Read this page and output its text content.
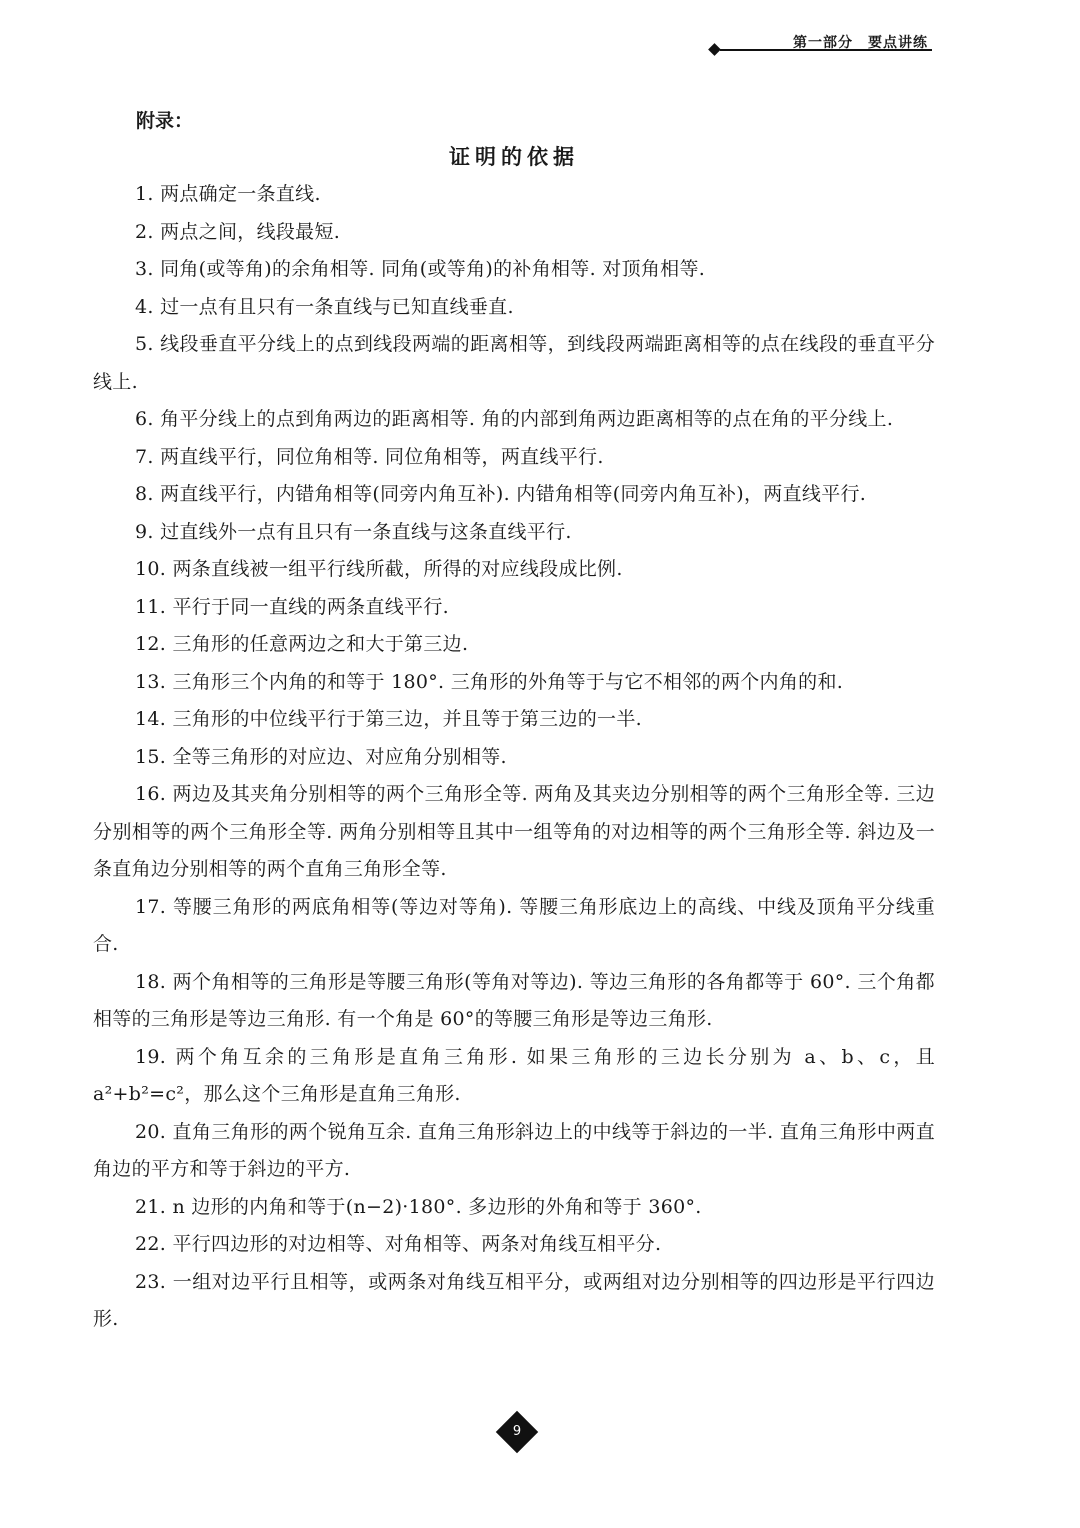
第一部分　要点讲练
附录：
证明的依据

1. 两点确定一条直线.

2. 两点之间，线段最短.

3. 同角(或等角)的余角相等. 同角(或等角)的补角相等. 对顶角相等.

4. 过一点有且只有一条直线与已知直线垂直.

5. 线段垂直平分线上的点到线段两端的距离相等，到线段两端距离相等的点在线段的垂直平分线上.

6. 角平分线上的点到角两边的距离相等. 角的内部到角两边距离相等的点在角的平分线上.

7. 两直线平行，同位角相等. 同位角相等，两直线平行.

8. 两直线平行，内错角相等(同旁内角互补). 内错角相等(同旁内角互补)，两直线平行.

9. 过直线外一点有且只有一条直线与这条直线平行.

10. 两条直线被一组平行线所截，所得的对应线段成比例.

11. 平行于同一直线的两条直线平行.

12. 三角形的任意两边之和大于第三边.

13. 三角形三个内角的和等于 180°. 三角形的外角等于与它不相邻的两个内角的和.

14. 三角形的中位线平行于第三边，并且等于第三边的一半.

15. 全等三角形的对应边、对应角分别相等.

16. 两边及其夹角分别相等的两个三角形全等. 两角及其夹边分别相等的两个三角形全等. 三边分别相等的两个三角形全等. 两角分别相等且其中一组等角的对边相等的两个三角形全等. 斜边及一条直角边分别相等的两个直角三角形全等.

17. 等腰三角形的两底角相等(等边对等角). 等腰三角形底边上的高线、中线及顶角平分线重合.

18. 两个角相等的三角形是等腰三角形(等角对等边). 等边三角形的各角都等于 60°. 三个角都相等的三角形是等边三角形. 有一个角是 60°的等腰三角形是等边三角形.

19. 两个角互余的三角形是直角三角形. 如果三角形的三边长分别为 a、b、c，且 a²+b²=c²，那么这个三角形是直角三角形.

20. 直角三角形的两个锐角互余. 直角三角形斜边上的中线等于斜边的一半. 直角三角形中两直角边的平方和等于斜边的平方.

21. n 边形的内角和等于(n−2)·180°. 多边形的外角和等于 360°.

22. 平行四边形的对边相等、对角相等、两条对角线互相平分.

23. 一组对边平行且相等，或两条对角线互相平分，或两组对边分别相等的四边形是平行四边形.

9
